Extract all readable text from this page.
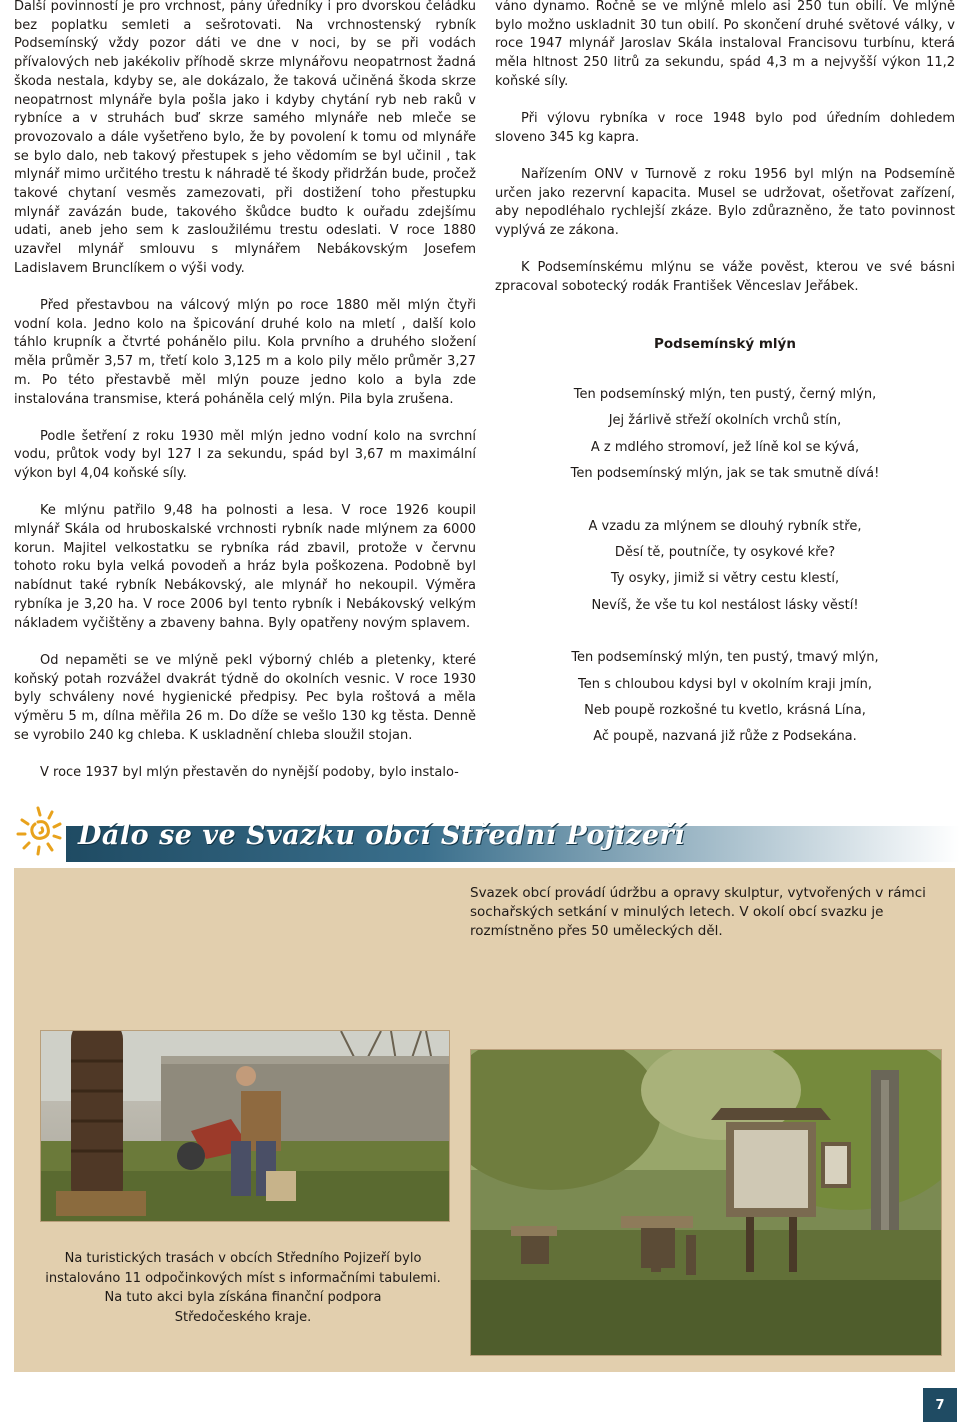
Další povinností je pro vrchnost, pány úředníky i pro dvorskou čeládku bez poplatku semleti a sešrotovati. Na vrchnostenský rybník Podsemínský vždy pozor dáti ve dne v noci, by se při vodách přívalových neb jakékoliv příhodě skrze mlynářovu neopatrnost žadná škoda nestala, kdyby se, ale dokázalo, že taková učiněná škoda skrze neopatrnost mlynáře byla pošla jako i kdyby chytání ryb neb raků v rybníce a v struhách buď skrze samého mlynáře neb mleče se provozovalo a dále vyšetřeno bylo, že by povolení k tomu od mlynáře se bylo dalo, neb takový přestupek s jeho vědomím se byl učinil , tak mlynář mimo určitého trestu k náhradě té škody přidržán bude, pročež takové chytaní vesměs zamezovati, při dostižení toho přestupku mlynář zavázán bude, takového škůdce budto k ouřadu zdejšímu udati, aneb jeho sem k zasloužilému trestu odeslati. V roce 1880 uzavřel mlynář smlouvu s mlynářem Nebákovským Josefem Ladislavem Brunclíkem o výši vody.

Před přestavbou na válcový mlýn po roce 1880 měl mlýn čtyři vodní kola. Jedno kolo na špicování druhé kolo na mletí , další kolo táhlo krupník a čtvrté pohánělo pilu. Kola prvního a druhého složení měla průměr 3,57 m, třetí kolo 3,125 m a kolo pily mělo průměr 3,27 m. Po této přestavbě měl mlýn pouze jedno kolo a byla zde instalována transmise, která poháněla celý mlýn. Pila byla zrušena.

Podle šetření z roku 1930 měl mlýn jedno vodní kolo na svrchní vodu, průtok vody byl 127 l za sekundu, spád byl 3,67 m maximální výkon byl 4,04 koňské síly.

Ke mlýnu patřilo 9,48 ha polnosti a lesa. V roce 1926 koupil mlynář Skála od hruboskalské vrchnosti rybník nade mlýnem za 6000 korun. Majitel velkostatku se rybníka rád zbavil, protože v červnu tohoto roku byla velká povodeň a hráz byla poškozena. Podobně byl nabídnut také rybník Nebákovský, ale mlynář ho nekoupil. Výměra rybníka je 3,20 ha. V roce 2006 byl tento rybník i Nebákovský velkým nákladem vyčištěny a zbaveny bahna. Byly opatřeny novým splavem.

Od nepaměti se ve mlýně pekl výborný chléb a pletenky, které koňský potah rozvážel dvakrát týdně do okolních vesnic. V roce 1930 byly schváleny nové hygienické předpisy. Pec byla roštová a měla výměru 5 m, dílna měřila 26 m. Do díže se vešlo 130 kg těsta. Denně se vyrobilo 240 kg chleba. K uskladnění chleba sloužil stojan.

V roce 1937 byl mlýn přestavěn do nynější podoby, bylo instalo-

váno dynamo. Ročně se ve mlýně mlelo asi 250 tun obilí. Ve mlýně bylo možno uskladnit 30 tun obilí. Po skončení druhé světové války, v roce 1947 mlynář Jaroslav Skála instaloval Francisovu turbínu, která měla hltnost 250 litrů za sekundu, spád 4,3 m a nejvyšší výkon 11,2 koňské síly.

Při výlovu rybníka v roce 1948 bylo pod úředním dohledem sloveno 345 kg kapra.

Nařízením ONV v Turnově z roku 1956 byl mlýn na Podsemíně určen jako rezervní kapacita. Musel se udržovat, ošetřovat zařízení, aby nepodléhalo rychlejší zkáze. Bylo zdůrazněno, že tato povinnost vyplývá ze zákona.

K Podsemínskému mlýnu se váže pověst, kterou ve své básni zpracoval sobotecký rodák František Věnceslav Jeřábek.

Podsemínský mlýn
Ten podsemínský mlýn, ten pustý, černý mlýn,
Jej žárlivě střeží okolních vrchů stín,
A z mdlého stromoví, jež líně kol se kývá,
Ten podsemínský mlýn, jak se tak smutně dívá!
A vzadu za mlýnem se dlouhý rybník stře,
Děsí tě, poutníče, ty osykové kře?
Ty osyky, jimiž si větry cestu klestí,
Nevíš, že vše tu kol nestálost lásky věstí!
Ten podsemínský mlýn, ten pustý, tmavý mlýn,
Ten s chloubou kdysi byl v okolním kraji jmín,
Neb poupě rozkošné tu kvetlo, krásná Lína,
Ač poupě, nazvaná již růže z Podsekána.
Dálo se ve Svazku obcí Střední Pojizeří
Svazek obcí provádí údržbu a opravy skulptur, vytvořených v rámci sochařských setkání v minulých letech. V okolí obcí svazku je rozmístněno přes 50 uměleckých děl.
Na turistických trasách v obcích Středního Pojizeří bylo
instalováno 11 odpočinkových míst s informačními tabulemi.
Na tuto akci byla získána finanční podpora
Středočeského kraje.
7
